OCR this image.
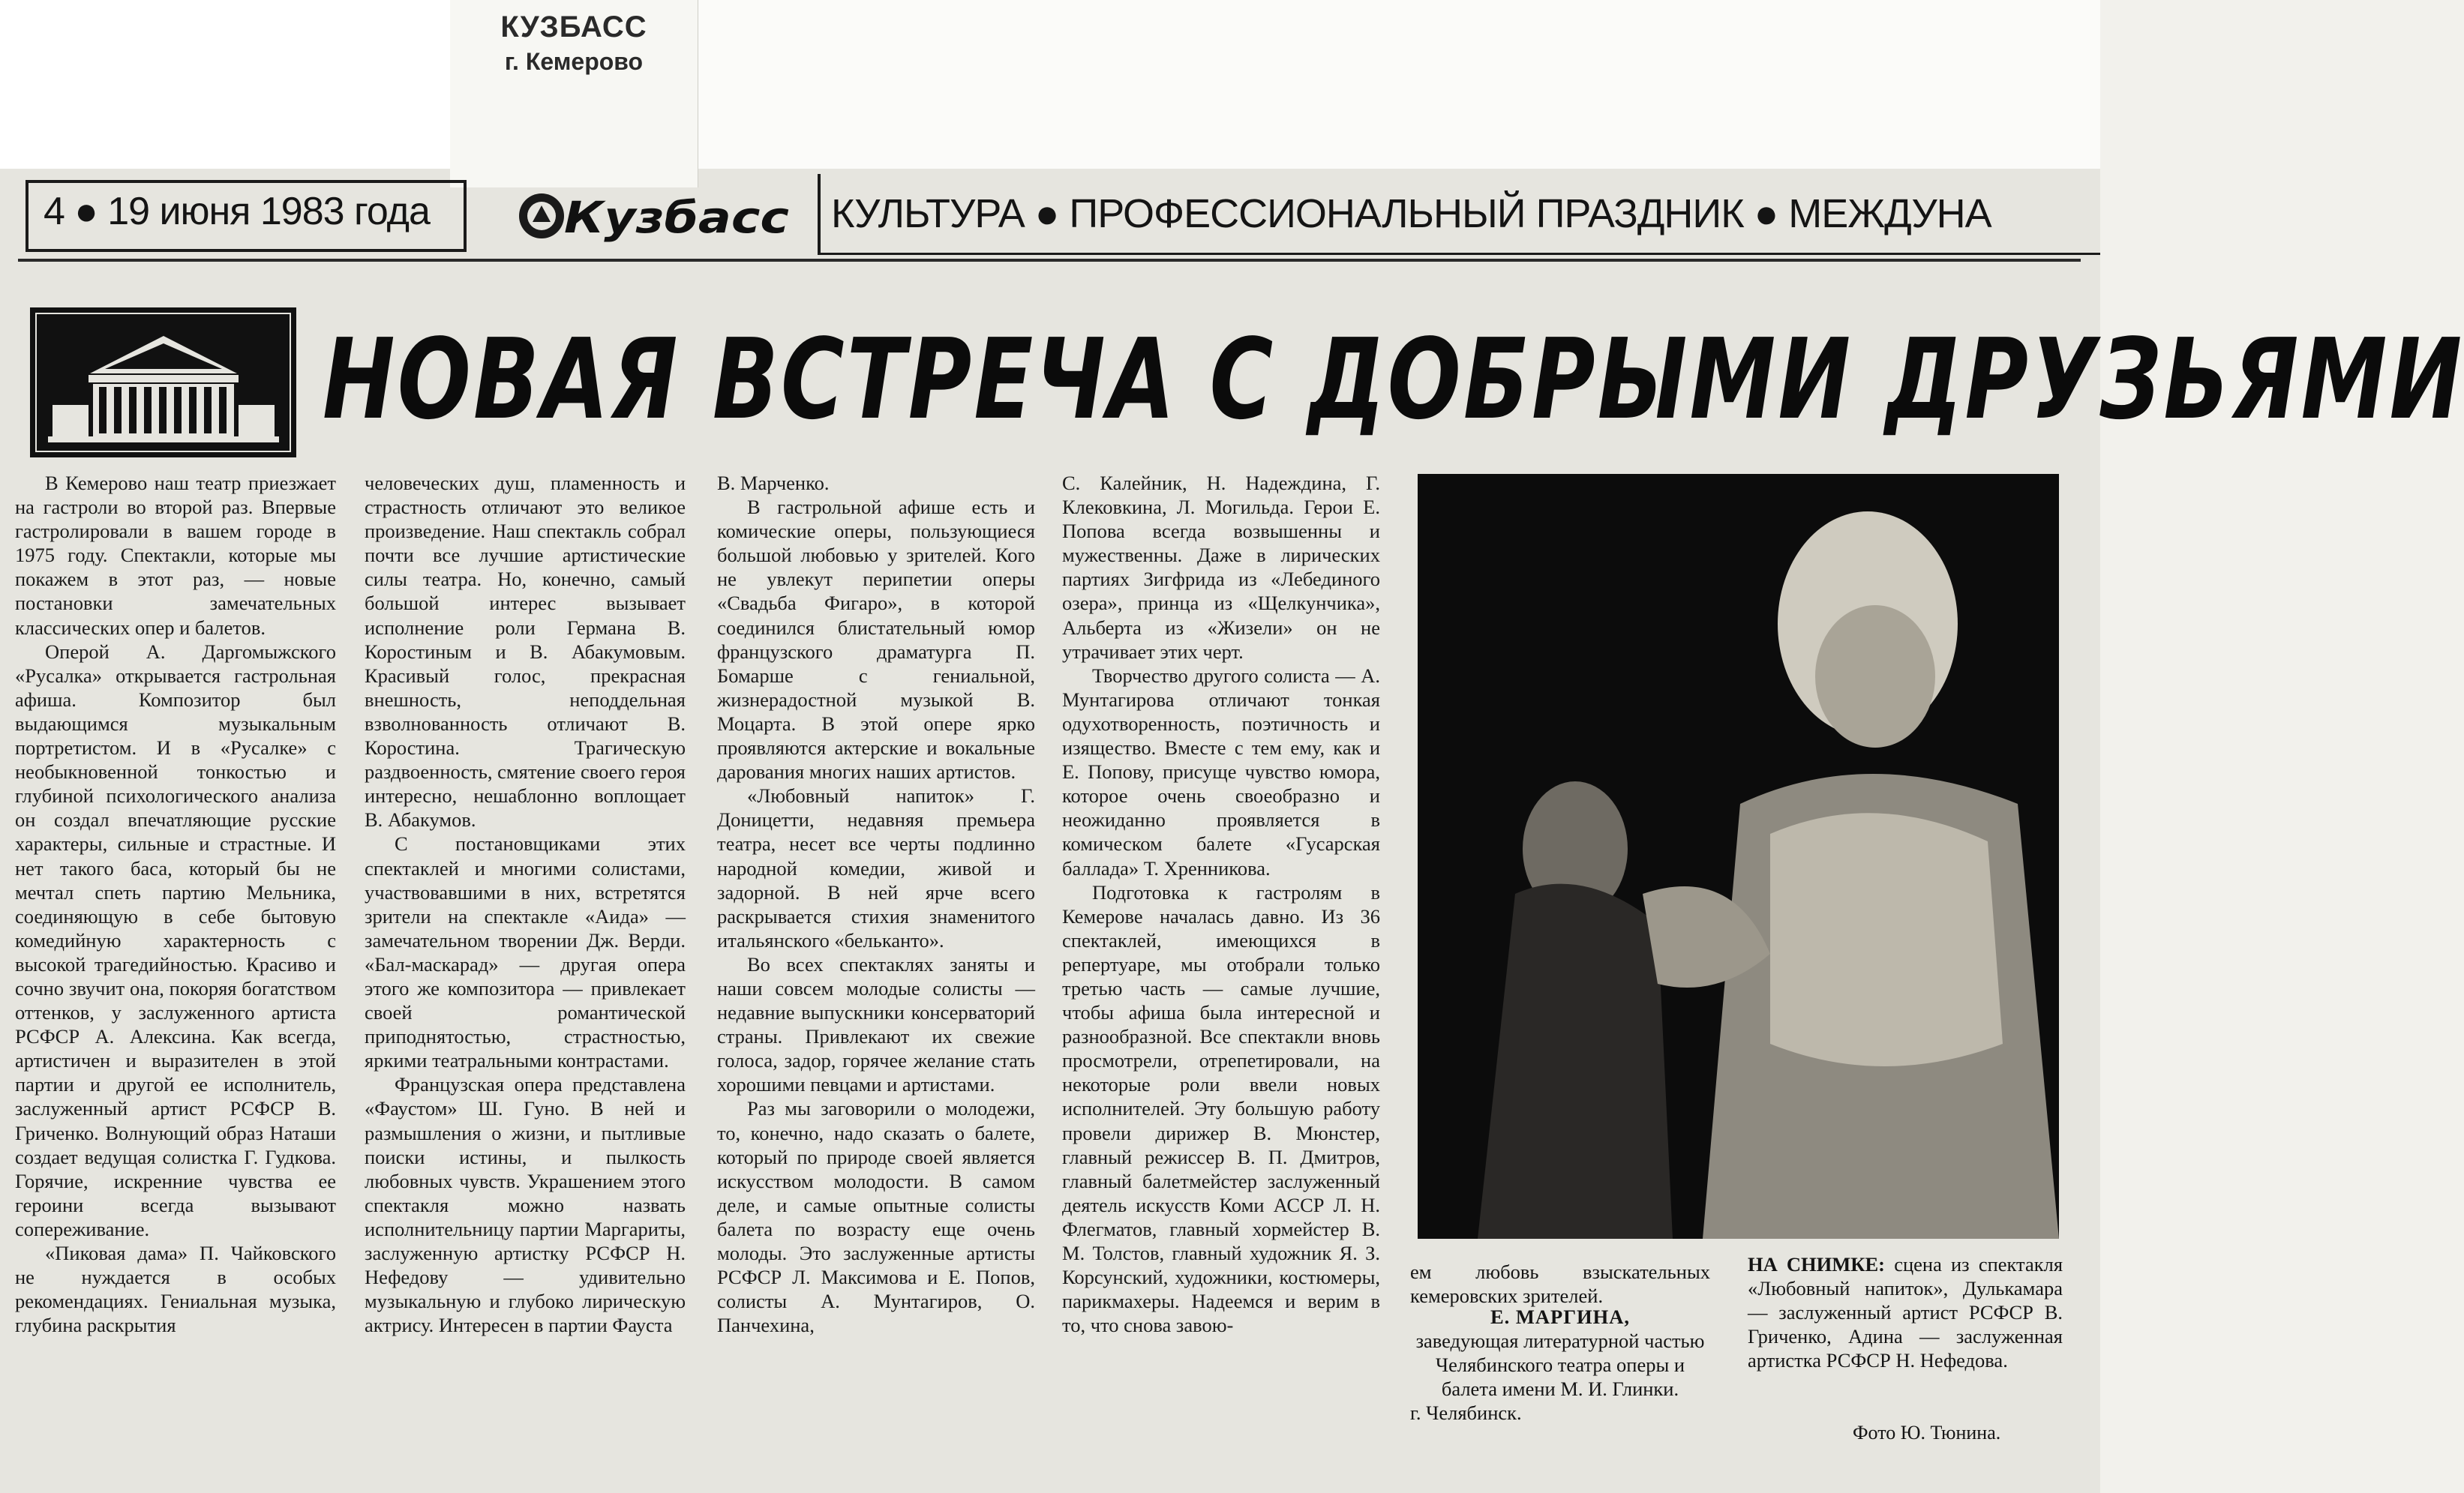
КУЗБАСС
г. Кемерово
4 ● 19 июня 1983 года	Кузбасс КУЛЬТУРА ● ПРОФЕССИОНАЛЬНЫЙ ПРАЗДНИК ● МЕЖДУНА
НОВАЯ ВСТРЕЧА С ДОБРЫМИ ДРУЗЬЯМИ

В Кемерово наш театр приезжает на гастроли во второй раз. Впервые гастролировали в вашем городе в 1975 году. Спектакли, которые мы покажем в этот раз, — новые постановки замечательных классических опер и балетов.

Оперой А. Даргомыжского «Русалка» открывается гастрольная афиша. Композитор был выдающимся музыкальным портретистом. И в «Русалке» с необыкновенной тонкостью и глубиной психологического анализа он создал впечатляющие русские характеры, сильные и страстные. И нет такого баса, который бы не мечтал спеть партию Мельника, соединяющую в себе бытовую комедийную характерность с высокой трагедийностью. Красиво и сочно звучит она, покоряя богатством оттенков, у заслуженного артиста РСФСР А. Алексина. Как всегда, артистичен и выразителен в этой партии и другой ее исполнитель, заслуженный артист РСФСР В. Гриченко. Волнующий образ Наташи создает ведущая солистка Г. Гудкова. Горячие, искренние чувства ее героини всегда вызывают сопереживание.

«Пиковая дама» П. Чайковского не нуждается в особых рекомендациях. Гениальная музыка, глубина раскрытия

человеческих душ, пламенность и страстность отличают это великое произведение. Наш спектакль собрал почти все лучшие артистические силы театра. Но, конечно, самый большой интерес вызывает исполнение роли Германа В. Коростиным и В. Абакумовым. Красивый голос, прекрасная внешность, неподдельная взволнованность отличают В. Коростина. Трагическую раздвоенность, смятение своего героя интересно, нешаблонно воплощает В. Абакумов.

С постановщиками этих спектаклей и многими солистами, участвовавшими в них, встретятся зрители на спектакле «Аида» — замечательном творении Дж. Верди. «Бал-маскарад» — другая опера этого же композитора — привлекает своей романтической приподнятостью, страстностью, яркими театральными контрастами.

Французская опера представлена «Фаустом» Ш. Гуно. В ней и размышления о жизни, и пытливые поиски истины, и пылкость любовных чувств. Украшением этого спектакля можно назвать исполнительницу партии Маргариты, заслуженную артистку РСФСР Н. Нефедову — удивительно музыкальную и глубоко лирическую актрису. Интересен в партии Фауста

В. Марченко.

В гастрольной афише есть и комические оперы, пользующиеся большой любовью у зрителей. Кого не увлекут перипетии оперы «Свадьба Фигаро», в которой соединился блистательный юмор французского драматурга П. Бомарше с гениальной, жизнерадостной музыкой В. Моцарта. В этой опере ярко проявляются актерские и вокальные дарования многих наших артистов.

«Любовный напиток» Г. Доницетти, недавняя премьера театра, несет все черты подлинно народной комедии, живой и задорной. В ней ярче всего раскрывается стихия знаменитого итальянского «бельканто».

Во всех спектаклях заняты и наши совсем молодые солисты — недавние выпускники консерваторий страны. Привлекают их свежие голоса, задор, горячее желание стать хорошими певцами и артистами.

Раз мы заговорили о молодежи, то, конечно, надо сказать о балете, который по природе своей является искусством молодости. В самом деле, и самые опытные солисты балета по возрасту еще очень молоды. Это заслуженные артисты РСФСР Л. Максимова и Е. Попов, солисты А. Мунтагиров, О. Панчехина,

С. Калейник, Н. Надеждина, Г. Клековкина, Л. Могильда. Герои Е. Попова всегда возвышенны и мужественны. Даже в лирических партиях Зигфрида из «Лебединого озера», принца из «Щелкунчика», Альберта из «Жизели» он не утрачивает этих черт.

Творчество другого солиста — А. Мунтагирова отличают тонкая одухотворенность, поэтичность и изящество. Вместе с тем ему, как и Е. Попову, присуще чувство юмора, которое очень своеобразно и неожиданно проявляется в комическом балете «Гусарская баллада» Т. Хренникова.

Подготовка к гастролям в Кемерове началась давно. Из 36 спектаклей, имеющихся в репертуаре, мы отобрали только третью часть — самые лучшие, чтобы афиша была интересной и разнообразной. Все спектакли вновь просмотрели, отрепетировали, на некоторые роли ввели новых исполнителей. Эту большую работу провели дирижер В. Мюнстер, главный режиссер В. П. Дмитров, главный балетмейстер заслуженный деятель искусств Коми АССР Л. Н. Флегматов, главный хормейстер В. М. Толстов, главный художник Я. З. Корсунский, художники, костюмеры, парикмахеры. Надеемся и верим в то, что снова завою-

ем любовь взыскательных кемеровских зрителей.
Е. МАРГИНА,
заведующая литературной частью Челябинского театра оперы и балета имени М. И. Глинки.
г. Челябинск.
НА СНИМКЕ: сцена из спектакля «Любовный напиток», Дулькамара — заслуженный артист РСФСР В. Гриченко, Адина — заслуженная артистка РСФСР Н. Нефедова.
Фото Ю. Тюнина.
